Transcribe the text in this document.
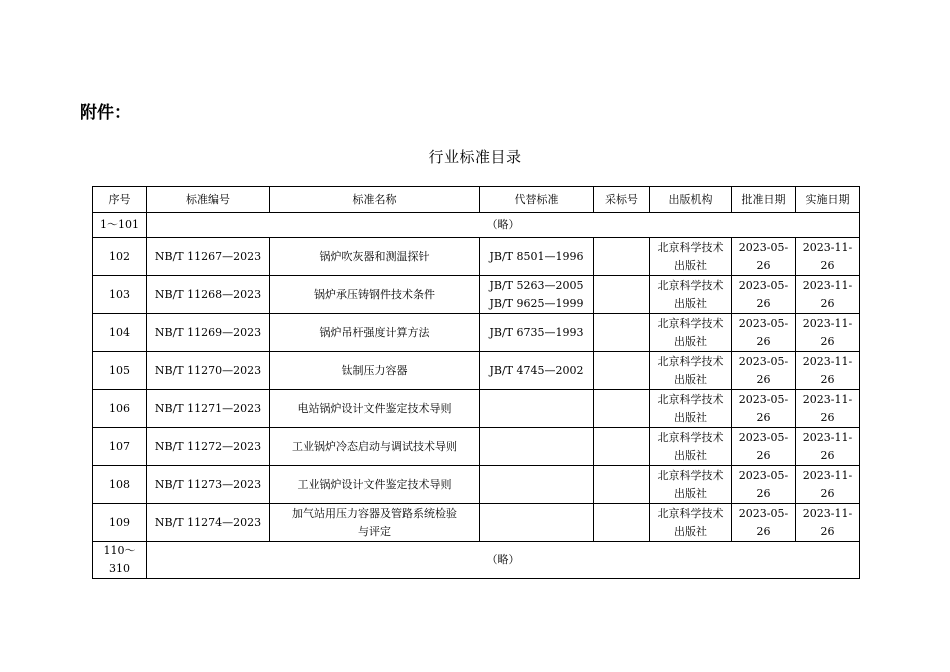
附件：
行业标准目录
序号	标准编号	标准名称	代替标准	采标号	出版机构	批准日期	实施日期
1～101	（略）						
102	NB/T 11267—2023	锅炉吹灰器和测温探针	JB/T 8501—1996		北京科学技术
出版社	2023-05-26	2023-11-26
103	NB/T 11268—2023	锅炉承压铸钢件技术条件	JB/T 5263—2005
JB/T 9625—1999		北京科学技术
出版社	2023-05-26	2023-11-26
104	NB/T 11269—2023	锅炉吊杆强度计算方法	JB/T 6735—1993		北京科学技术
出版社	2023-05-26	2023-11-26
105	NB/T 11270—2023	钛制压力容器	JB/T 4745—2002		北京科学技术
出版社	2023-05-26	2023-11-26
106	NB/T 11271—2023	电站锅炉设计文件鉴定技术导则			北京科学技术
出版社	2023-05-26	2023-11-26
107	NB/T 11272—2023	工业锅炉冷态启动与调试技术导则			北京科学技术
出版社	2023-05-26	2023-11-26
108	NB/T 11273—2023	工业锅炉设计文件鉴定技术导则			北京科学技术
出版社	2023-05-26	2023-11-26
109	NB/T 11274—2023	加气站用压力容器及管路系统检验
与评定			北京科学技术
出版社	2023-05-26	2023-11-26
110～310	（略）						
